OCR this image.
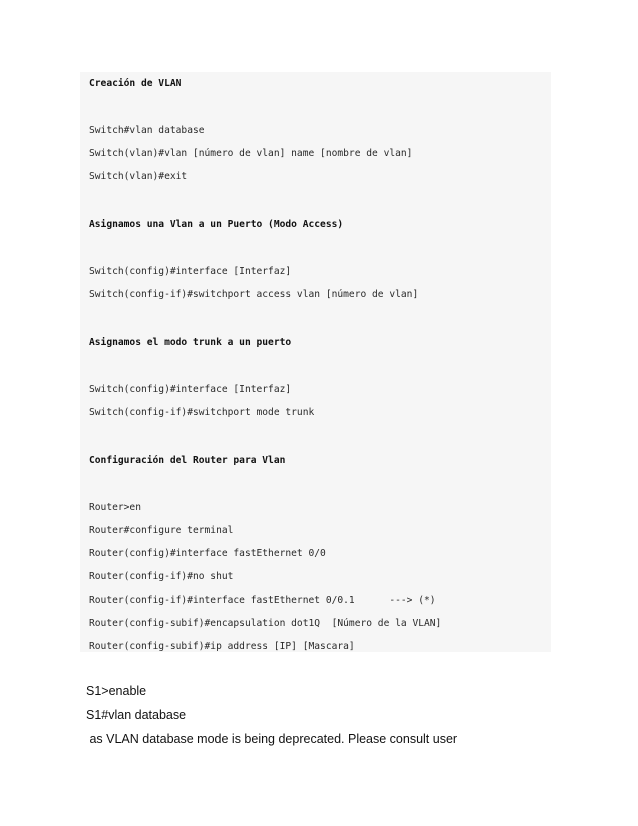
Creación de VLAN
Switch#vlan database
Switch(vlan)#vlan [número de vlan] name [nombre de vlan]
Switch(vlan)#exit
Asignamos una Vlan a un Puerto (Modo Access)
Switch(config)#interface [Interfaz]
Switch(config-if)#switchport access vlan [número de vlan]
Asignamos el modo trunk a un puerto
Switch(config)#interface [Interfaz]
Switch(config-if)#switchport mode trunk
Configuración del Router para Vlan
Router>en
Router#configure terminal
Router(config)#interface fastEthernet 0/0
Router(config-if)#no shut
Router(config-if)#interface fastEthernet 0/0.1      ---> (*)
Router(config-subif)#encapsulation dot1Q  [Número de la VLAN]
Router(config-subif)#ip address [IP] [Mascara]
S1>enable
S1#vlan database
as VLAN database mode is being deprecated. Please consult user
